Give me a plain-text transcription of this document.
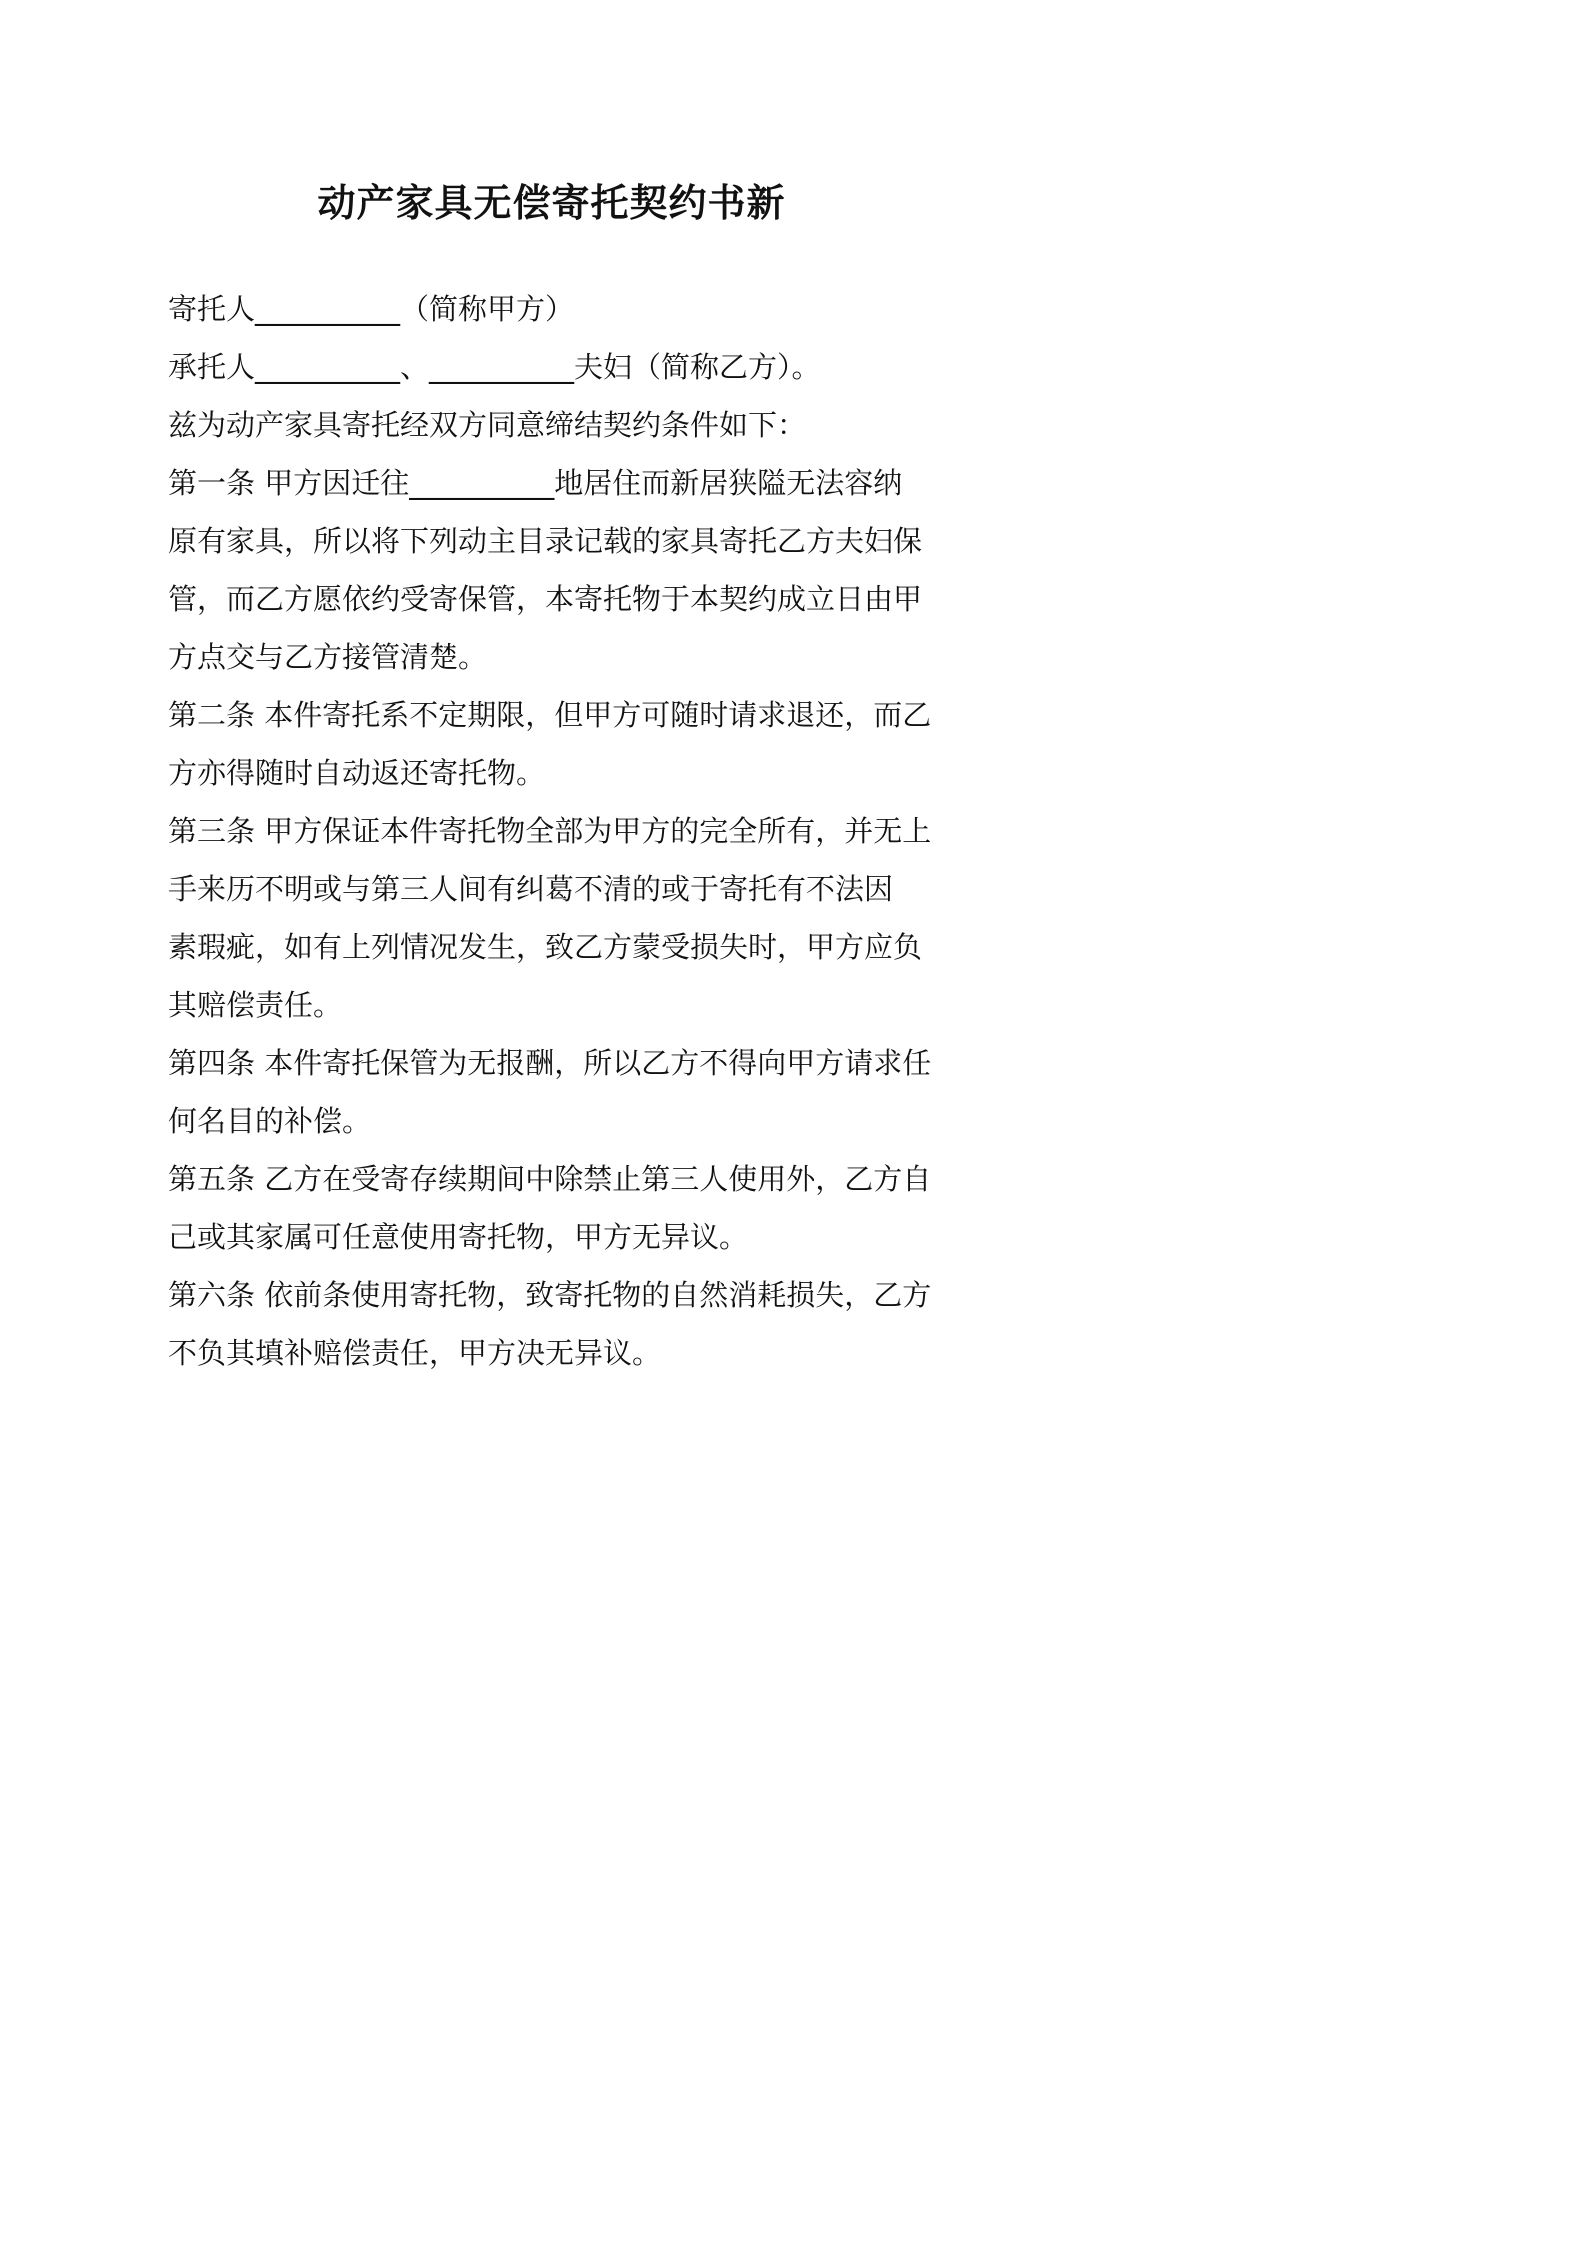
动产家具无偿寄托契约书新
寄托人__________（简称甲方）
承托人__________、__________夫妇（简称乙方）。
兹为动产家具寄托经双方同意缔结契约条件如下：
第一条 甲方因迁往__________地居住而新居狭隘无法容纳
原有家具，所以将下列动主目录记载的家具寄托乙方夫妇保
管，而乙方愿依约受寄保管，本寄托物于本契约成立日由甲
方点交与乙方接管清楚。
第二条 本件寄托系不定期限，但甲方可随时请求退还，而乙
方亦得随时自动返还寄托物。
第三条 甲方保证本件寄托物全部为甲方的完全所有，并无上
手来历不明或与第三人间有纠葛不清的或于寄托有不法因
素瑕疵，如有上列情况发生，致乙方蒙受损失时，甲方应负
其赔偿责任。
第四条 本件寄托保管为无报酬，所以乙方不得向甲方请求任
何名目的补偿。
第五条 乙方在受寄存续期间中除禁止第三人使用外，乙方自
己或其家属可任意使用寄托物，甲方无异议。
第六条 依前条使用寄托物，致寄托物的自然消耗损失，乙方
不负其填补赔偿责任，甲方决无异议。
